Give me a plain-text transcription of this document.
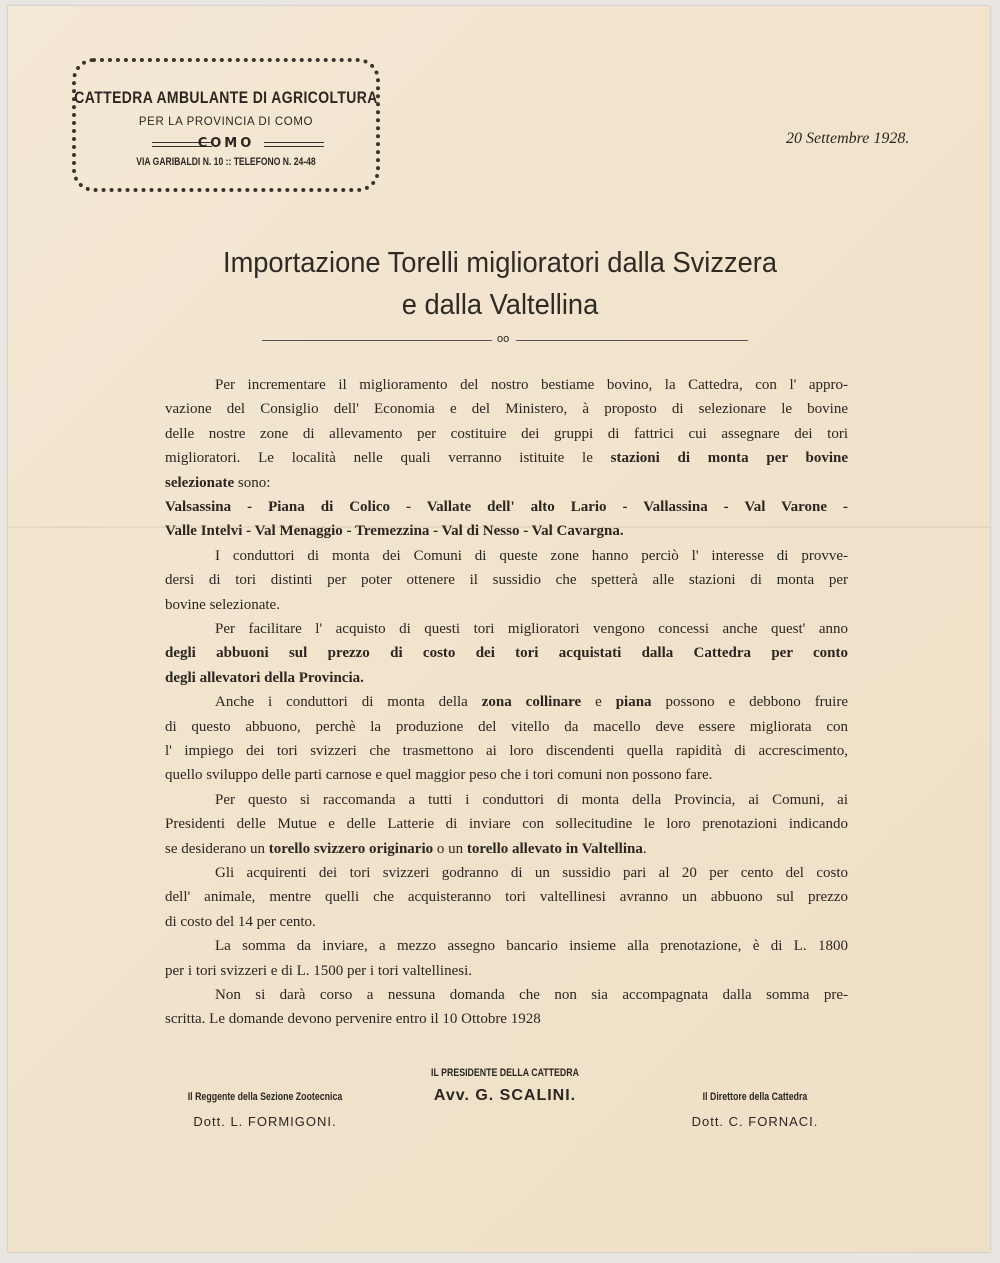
CATTEDRA AMBULANTE DI AGRICOLTURA
PER LA PROVINCIA DI COMO
COMO
VIA GARIBALDI N. 10 :: TELEFONO N. 24-48
20 Settembre 1928.
Importazione Torelli miglioratori dalla Svizzera
e dalla Valtellina
oo
Per incrementare il miglioramento del nostro bestiame bovino, la Cattedra, con l' appro-
vazione del Consiglio dell' Economia e del Ministero, à proposto di selezionare le bovine
delle nostre zone di allevamento per costituire dei gruppi di fattrici cui assegnare dei tori
miglioratori. Le località nelle quali verranno istituite le stazioni di monta per bovine
selezionate sono:
Valsassina - Piana di Colico - Vallate dell' alto Lario - Vallassina - Val Varone -
Valle Intelvi - Val Menaggio - Tremezzina - Val di Nesso - Val Cavargna.
I conduttori di monta dei Comuni di queste zone hanno perciò l' interesse di provve-
dersi di tori distinti per poter ottenere il sussidio che spetterà alle stazioni di monta per
bovine selezionate.
Per facilitare l' acquisto di questi tori miglioratori vengono concessi anche quest' anno
degli abbuoni sul prezzo di costo dei tori acquistati dalla Cattedra per conto
degli allevatori della Provincia.
Anche i conduttori di monta della zona collinare e piana possono e debbono fruire
di questo abbuono, perchè la produzione del vitello da macello deve essere migliorata con
l' impiego dei tori svizzeri che trasmettono ai loro discendenti quella rapidità di accrescimento,
quello sviluppo delle parti carnose e quel maggior peso che i tori comuni non possono fare.
Per questo si raccomanda a tutti i conduttori di monta della Provincia, ai Comuni, ai
Presidenti delle Mutue e delle Latterie di inviare con sollecitudine le loro prenotazioni indicando
se desiderano un torello svizzero originario o un torello allevato in Valtellina.
Gli acquirenti dei tori svizzeri godranno di un sussidio pari al 20 per cento del costo
dell' animale, mentre quelli che acquisteranno tori valtellinesi avranno un abbuono sul prezzo
di costo del 14 per cento.
La somma da inviare, a mezzo assegno bancario insieme alla prenotazione, è di L. 1800
per i tori svizzeri e di L. 1500 per i tori valtellinesi.
Non si darà corso a nessuna domanda che non sia accompagnata dalla somma pre-
scritta. Le domande devono pervenire entro il 10 Ottobre 1928
Il Reggente della Sezione Zootecnica
Dott. L. FORMIGONI.
IL PRESIDENTE DELLA CATTEDRA
Avv. G. SCALINI.	Il Direttore della Cattedra
Dott. C. FORNACI.
